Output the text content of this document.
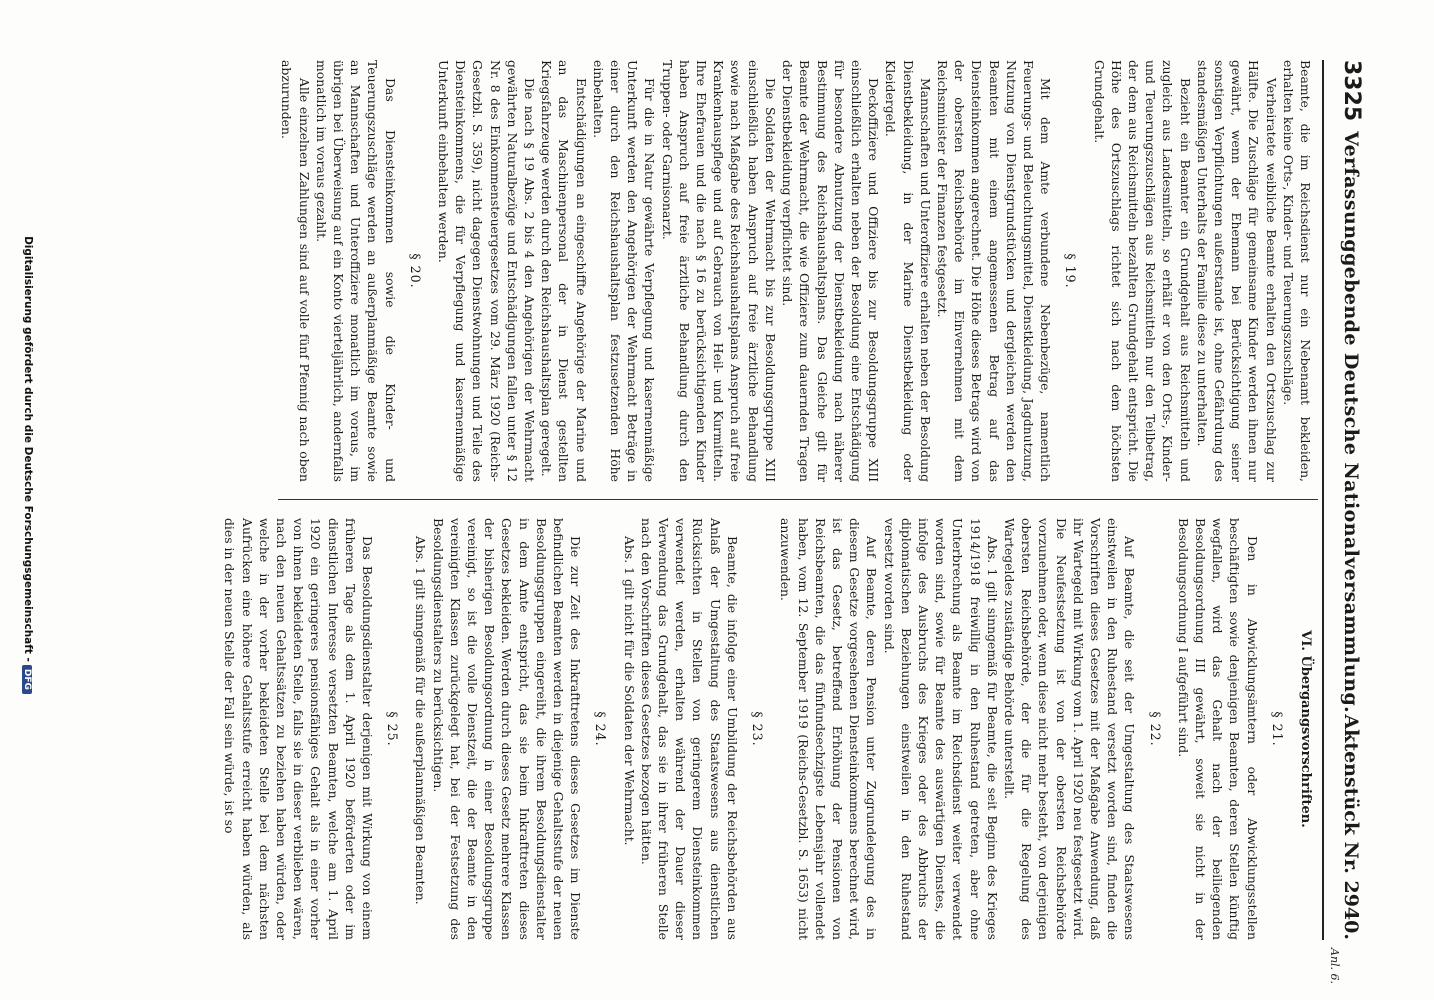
3325
Verfassunggebende Deutsche Nationalversammlung.
Aktenstück Nr. 2940.

Beamte, die im Reichsdienst nur ein Nebenamt bekleiden, erhalten keine Orts-, Kinder- und Teuerungszuschläge.

Verheiratete weibliche Beamte erhalten den Ortszuschlag zur Hälfte. Die Zuschläge für gemeinsame Kinder werden ihnen nur gewährt, wenn der Ehemann bei Berücksichtigung seiner sonstigen Verpflichtungen außerstande ist, ohne Gefährdung des standesmäßigen Unterhalts der Familie diese zu unterhalten.

Bezieht ein Beamter ein Grundgehalt aus Reichsmitteln und zugleich aus Landesmitteln, so erhält er von den Orts-, Kinder- und Teuerungszuschlägen aus Reichsmitteln nur den Teilbetrag, der dem aus Reichsmitteln bezahlten Grundgehalt entspricht. Die Höhe des Ortszuschlags richtet sich nach dem höchsten Grundgehalt.

§ 19.

Mit dem Amte verbundene Nebenbezüge, namentlich Feuerungs- und Beleuchtungsmittel, Dienstkleidung, Jagdnutzung, Nutzung von Dienstgrundstücken und dergleichen werden den Beamten mit einem angemessenen Betrag auf das Diensteinkommen angerechnet. Die Höhe dieses Betrags wird von der obersten Reichsbehörde im Einvernehmen mit dem Reichsminister der Finanzen festgesetzt.

Mannschaften und Unteroffiziere erhalten neben der Besoldung Dienstbekleidung, in der Marine Dienstbekleidung oder Kleidergeld.

Deckoffiziere und Offiziere bis zur Besoldungsgruppe XIII einschließlich erhalten neben der Besoldung eine Entschädigung für besondere Abnutzung der Dienstbekleidung nach näherer Bestimmung des Reichshaushaltsplans. Das Gleiche gilt für Beamte der Wehrmacht, die wie Offiziere zum dauernden Tragen der Dienstbekleidung verpflichtet sind.

Die Soldaten der Wehrmacht bis zur Besoldungsgruppe XIII einschließlich haben Anspruch auf freie ärztliche Behandlung sowie nach Maßgabe des Reichshaushaltsplans Anspruch auf freie Krankenhauspflege und auf Gebrauch von Heil- und Kurmitteln. Ihre Ehefrauen und die nach § 16 zu berücksichtigenden Kinder haben Anspruch auf freie ärztliche Behandlung durch den Truppen- oder Garnisonarzt.

Für die in Natur gewährte Verpflegung und kasernenmäßige Unterkunft werden den Angehörigen der Wehrmacht Beträge in einer durch den Reichshaushaltsplan festzusetzenden Höhe einbehalten.

Entschädigungen an eingeschiffte Angehörige der Marine und an das Maschinenpersonal der in Dienst gestellten Kriegsfahrzeuge werden durch den Reichshaushaltsplan geregelt.

Die nach § 19 Abs. 2 bis 4 den Angehörigen der Wehrmacht gewährten Naturalbezüge und Entschädigungen fallen unter § 12 Nr. 8 des Einkommensteuergesetzes vom 29. März 1920 (Reichs-Gesetzbl. S. 359), nicht dagegen Dienstwohnungen und Teile des Diensteinkommens, die für Verpflegung und kasernenmäßige Unterkunft einbehalten werden.

§ 20.

Das Diensteinkommen sowie die Kinder- und Teuerungszuschläge werden an außerplanmäßige Beamte sowie an Mannschaften und Unteroffiziere monatlich im voraus, im übrigen bei Überweisung auf ein Konto vierteljährlich, andernfalls monatlich im voraus gezahlt.

Alle einzelnen Zahlungen sind auf volle fünf Pfennig nach oben abzurunden.

VI. Übergangsvorschriften.
§ 21.

Den in Abwicklungsämtern oder Abwicklungsstellen beschäftigten sowie denjenigen Beamten, deren Stellen künftig wegfallen, wird das Gehalt nach der beiliegenden Besoldungsordnung III gewährt, soweit sie nicht in der Besoldungsordnung I aufgeführt sind.

§ 22.

Auf Beamte, die seit der Umgestaltung des Staatswesens einstweilen in den Ruhestand versetzt worden sind, finden die Vorschriften dieses Gesetzes mit der Maßgabe Anwendung, daß ihr Wartegeld mit Wirkung vom 1. April 1920 neu festgesetzt wird. Die Neufestsetzung ist von der obersten Reichsbehörde vorzunehmen oder, wenn diese nicht mehr besteht, von derjenigen obersten Reichsbehörde, der die für die Regelung des Wartegeldes zuständige Behörde unterstellt.

Abs. 1 gilt sinngemäß für Beamte, die seit Beginn des Krieges 1914/1918 freiwillig in den Ruhestand getreten, aber ohne Unterbrechung als Beamte im Reichsdienst weiter verwendet worden sind, sowie für Beamte des auswärtigen Dienstes, die infolge des Ausbruchs des Krieges oder des Abbruchs der diplomatischen Beziehungen einstweilen in den Ruhestand versetzt worden sind.

Auf Beamte, deren Pension unter Zugrundelegung des in diesem Gesetze vorgesehenen Diensteinkommens berechnet wird, ist das Gesetz, betreffend Erhöhung der Pensionen von Reichsbeamten, die das fünfundsechzigste Lebensjahr vollendet haben, vom 12. September 1919 (Reichs-Gesetzbl. S. 1653) nicht anzuwenden.

§ 23.

Beamte, die infolge einer Umbildung der Reichsbehörden aus Anlaß der Umgestaltung des Staatswesens aus dienstlichen Rücksichten in Stellen von geringerem Diensteinkommen verwendet werden, erhalten während der Dauer dieser Verwendung das Grundgehalt, das sie in ihrer früheren Stelle nach den Vorschriften dieses Gesetzes bezogen hätten.

Abs. 1 gilt nicht für die Soldaten der Wehrmacht.

§ 24.

Die zur Zeit des Inkrafttretens dieses Gesetzes im Dienste befindlichen Beamten werden in diejenige Gehaltsstufe der neuen Besoldungsgruppen eingereiht, die ihrem Besoldungsdienstalter in dem Amte entspricht, das sie beim Inkrafttreten dieses Gesetzes bekleiden. Werden durch dieses Gesetz mehrere Klassen der bisherigen Besoldungsordnung in einer Besoldungsgruppe vereinigt, so ist die volle Dienstzeit, die der Beamte in den vereinigten Klassen zurückgelegt hat, bei der Festsetzung des Besoldungsdienstalters zu berücksichtigen.

Abs. 1 gilt sinngemäß für die außerplanmäßigen Beamten.

§ 25.

Das Besoldungsdienstalter derjenigen mit Wirkung von einem früheren Tage als dem 1. April 1920 beförderten oder im dienstlichen Interesse versetzten Beamten, welche am 1. April 1920 ein geringeres pensionsfähiges Gehalt als in einer vorher von ihnen bekleideten Stelle, falls sie in dieser verblieben wären, nach den neuen Gehaltssätzen zu beziehen haben würden, oder welche in der vorher bekleideten Stelle bei dem nächsten Aufrücken eine höhere Gehaltsstufe erreicht haben würden, als dies in der neuen Stelle der Fall sein würde, ist so

Anl. 6.
Digitalisierung gefördert durch die Deutsche Forschungsgemeinschaft -DFG
